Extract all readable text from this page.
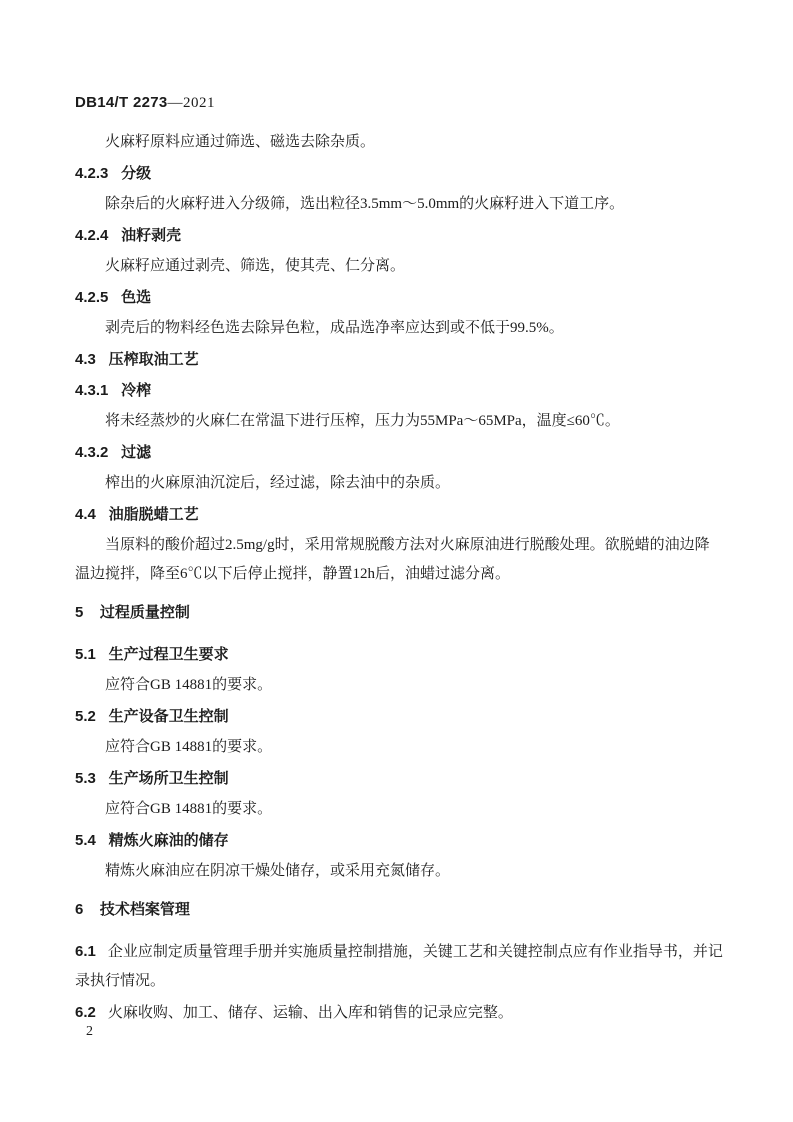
DB14/T 2273—2021

火麻籽原料应通过筛选、磁选去除杂质。

4.2.3 分级

除杂后的火麻籽进入分级筛，选出粒径3.5mm～5.0mm的火麻籽进入下道工序。

4.2.4 油籽剥壳

火麻籽应通过剥壳、筛选，使其壳、仁分离。

4.2.5 色选

剥壳后的物料经色选去除异色粒，成品选净率应达到或不低于99.5%。

4.3 压榨取油工艺
4.3.1 冷榨

将未经蒸炒的火麻仁在常温下进行压榨，压力为55MPa～65MPa，温度≤60℃。

4.3.2 过滤

榨出的火麻原油沉淀后，经过滤，除去油中的杂质。

4.4 油脂脱蜡工艺

当原料的酸价超过2.5mg/g时，采用常规脱酸方法对火麻原油进行脱酸处理。欲脱蜡的油边降温边搅拌，降至6℃以下后停止搅拌，静置12h后，油蜡过滤分离。

5 过程质量控制
5.1 生产过程卫生要求

应符合GB 14881的要求。

5.2 生产设备卫生控制

应符合GB 14881的要求。

5.3 生产场所卫生控制

应符合GB 14881的要求。

5.4 精炼火麻油的储存

精炼火麻油应在阴凉干燥处储存，或采用充氮储存。

6 技术档案管理

6.1 企业应制定质量管理手册并实施质量控制措施，关键工艺和关键控制点应有作业指导书，并记录执行情况。

6.2 火麻收购、加工、储存、运输、出入库和销售的记录应完整。

2
